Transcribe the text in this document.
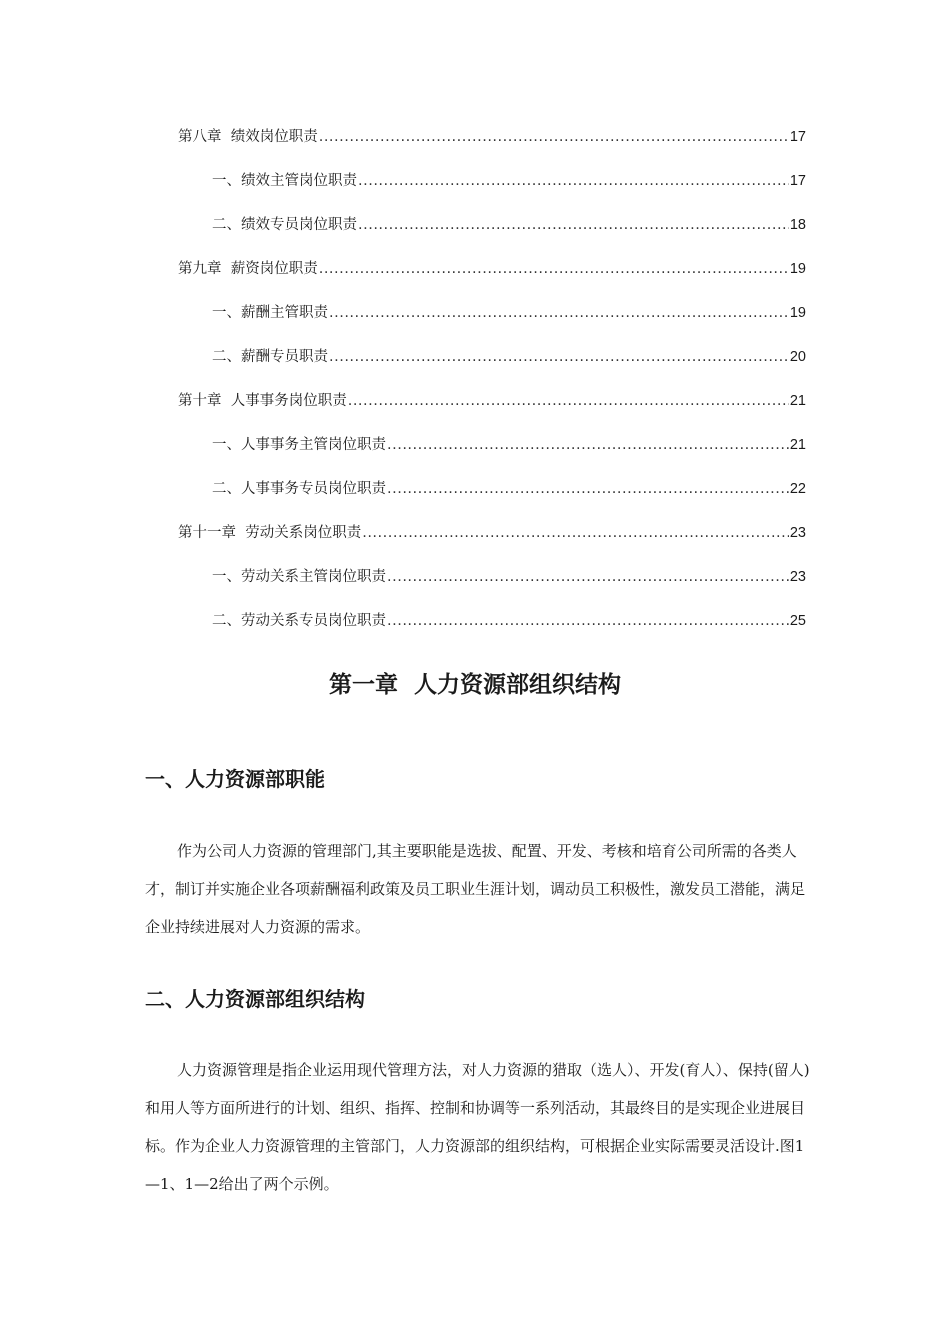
第八章  绩效岗位职责 .....	17
一、绩效主管岗位职责 .....	17
二、绩效专员岗位职责 .....	18
第九章  薪资岗位职责 .....	19
一、薪酬主管职责 .....	19
二、薪酬专员职责 .....	20
第十章  人事事务岗位职责 .....	21
一、人事事务主管岗位职责 .....	21
二、人事事务专员岗位职责 .....	22
第十一章  劳动关系岗位职责 .....	23
一、劳动关系主管岗位职责 .....	23
二、劳动关系专员岗位职责 .....	25
第一章  人力资源部组织结构
一、人力资源部职能

作为公司人力资源的管理部门,其主要职能是选拔、配置、开发、考核和培育公司所需的各类人才，制订并实施企业各项薪酬福利政策及员工职业生涯计划，调动员工积极性，激发员工潜能，满足企业持续进展对人力资源的需求。

二、人力资源部组织结构

人力资源管理是指企业运用现代管理方法，对人力资源的猎取（选人）、开发(育人）、保持(留人)和用人等方面所进行的计划、组织、指挥、控制和协调等一系列活动，其最终目的是实现企业进展目标。作为企业人力资源管理的主管部门，人力资源部的组织结构，可根据企业实际需要灵活设计.图1—1、1—2给出了两个示例。
